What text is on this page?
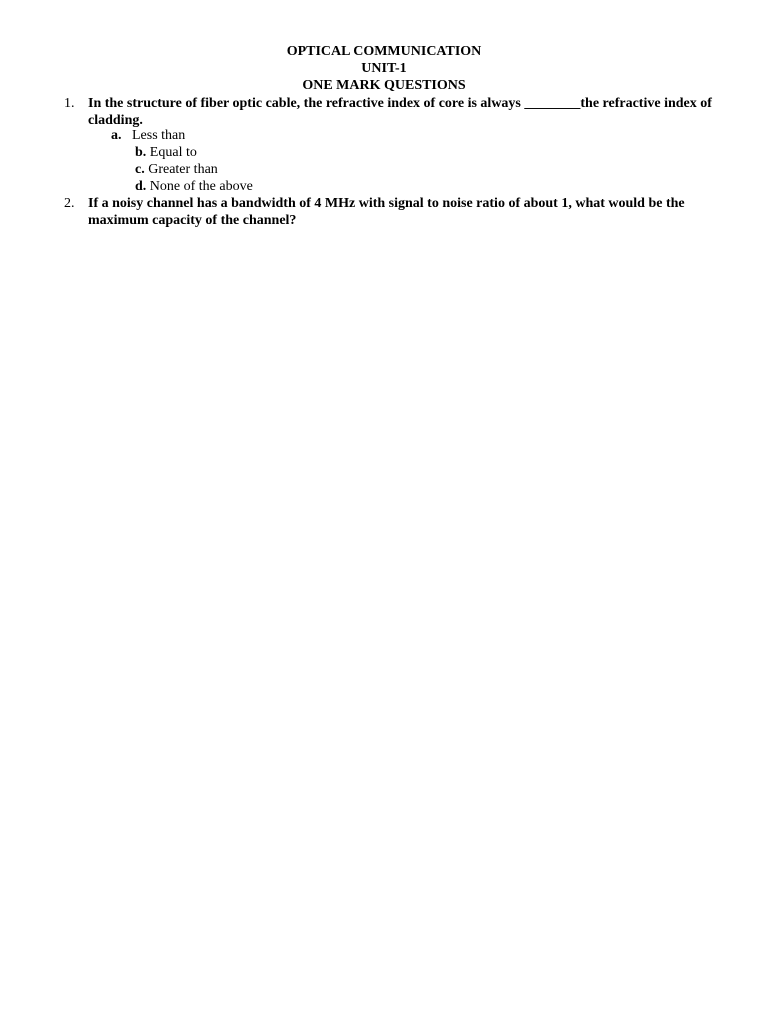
OPTICAL COMMUNICATION
UNIT-1
ONE MARK QUESTIONS
1. In the structure of fiber optic cable, the refractive index of core is always ________the refractive index of cladding.
a. Less than
b. Equal to
c. Greater than
d. None of the above
2. If a noisy channel has a bandwidth of 4 MHz with signal to noise ratio of about 1, what would be the maximum capacity of the channel?
